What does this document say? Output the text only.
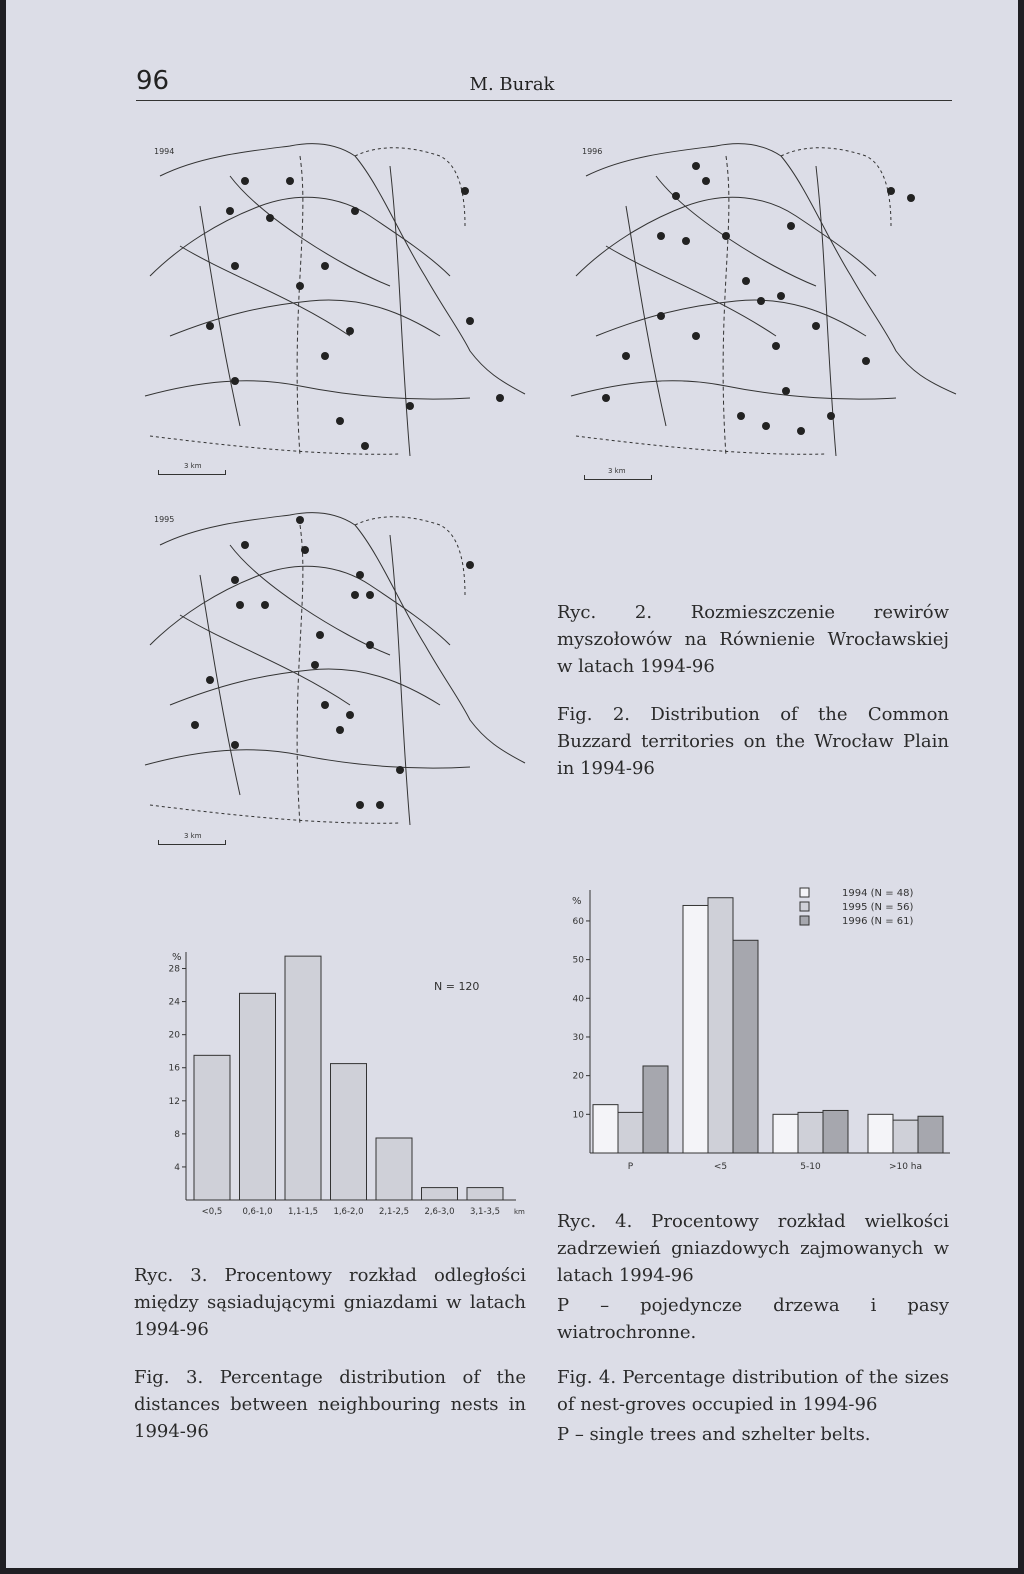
96	M. Burak
1994
3 km
1996
3 km
1995
3 km
Ryc. 2. Rozmieszczenie rewirów myszołowów na Równienie Wrocławskiej w latach 1994-96
Fig. 2. Distribution of the Common Buzzard territories on the Wrocław Plain in 1994-96
%
4
8
12
16
20
24
28
<0,5 0,6-1,0 1,1-1,5 1,6-2,0 2,1-2,5 2,6-3,0 3,1-3,5 km
N = 120
%
10
20
30
40
50
60
P	<5	5-10	>10 ha
1994 (N = 48)
1995 (N = 56)
1996 (N = 61)
Ryc. 3. Procentowy rozkład odległości między sąsiadującymi gniazdami w latach 1994-96
Fig. 3. Percentage distribution of the distances between neighbouring nests in 1994-96
Ryc. 4. Procentowy rozkład wielkości zadrzewień gniazdowych zajmowanych w latach 1994-96
P – pojedyncze drzewa i pasy wiatrochronne.
Fig. 4. Percentage distribution of the sizes of nest-groves occupied in 1994-96
P – single trees and szhelter belts.
